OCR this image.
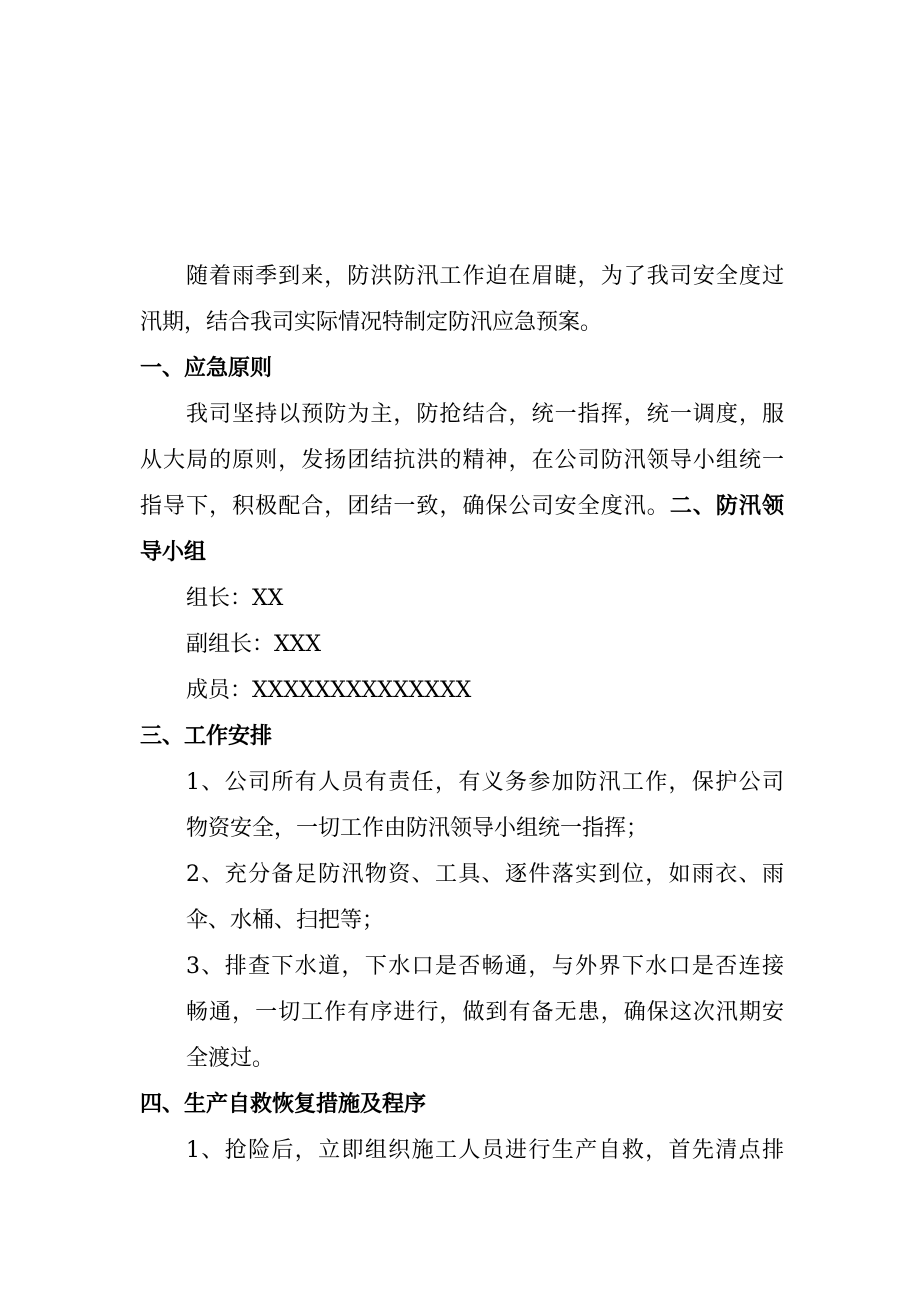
随着雨季到来，防洪防汛工作迫在眉睫，为了我司安全度过
汛期，结合我司实际情况特制定防汛应急预案。
一、应急原则
我司坚持以预防为主，防抢结合，统一指挥，统一调度，服
从大局的原则，发扬团结抗洪的精神，在公司防汛领导小组统一
指导下，积极配合，团结一致，确保公司安全度汛。二、防汛领
导小组
组长：XX
副组长：XXX
成员：XXXXXXXXXXXXXX
三、工作安排
1、公司所有人员有责任，有义务参加防汛工作，保护公司
物资安全，一切工作由防汛领导小组统一指挥；
2、充分备足防汛物资、工具、逐件落实到位，如雨衣、雨
伞、水桶、扫把等；
3、排查下水道，下水口是否畅通，与外界下水口是否连接
畅通，一切工作有序进行，做到有备无患，确保这次汛期安
全渡过。
四、生产自救恢复措施及程序
1、抢险后，立即组织施工人员进行生产自救，首先清点排
